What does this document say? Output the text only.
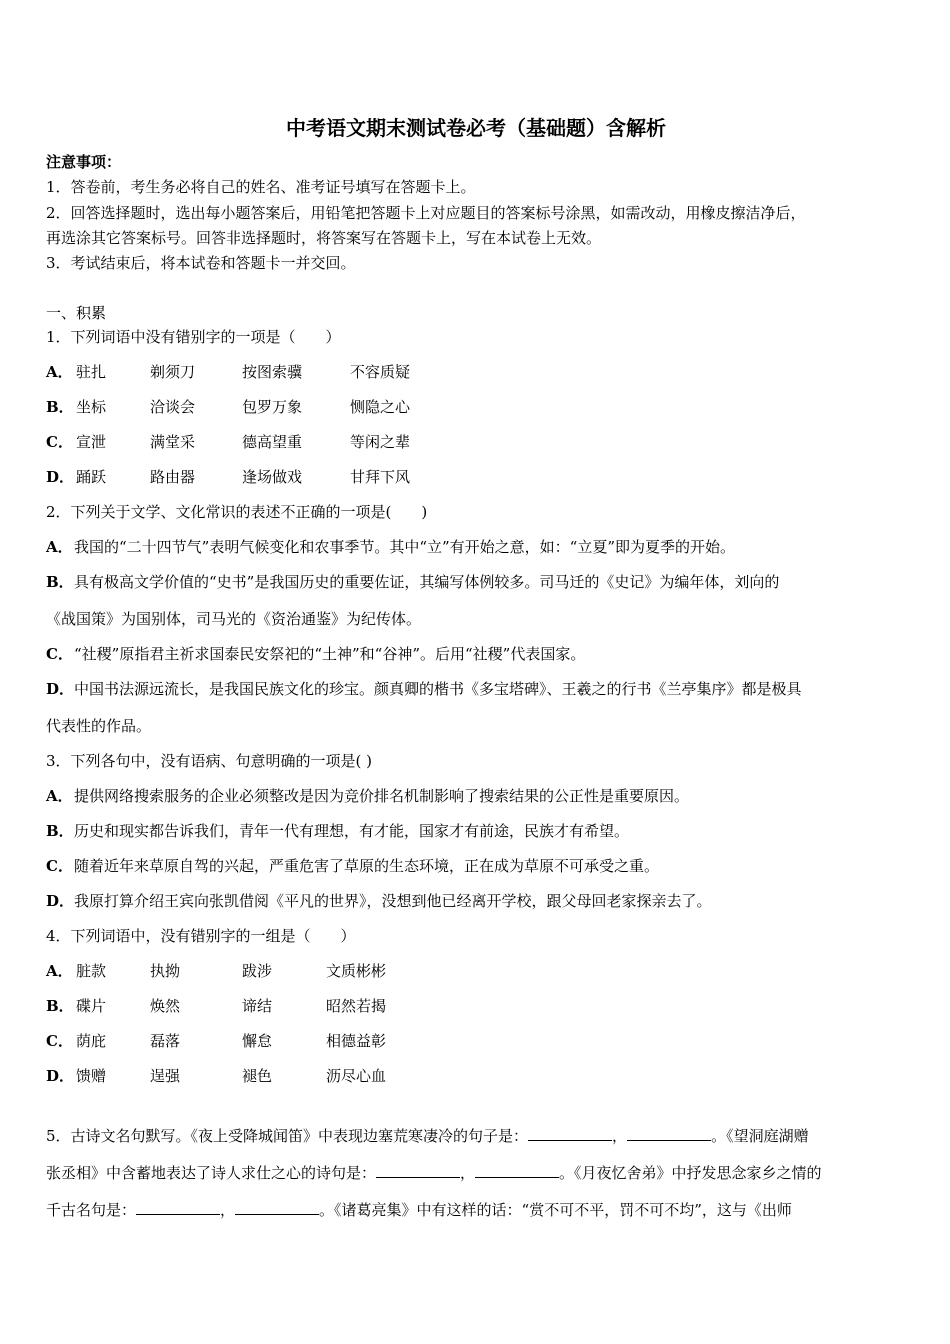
中考语文期末测试卷必考（基础题）含解析
注意事项：
1．答卷前，考生务必将自己的姓名、准考证号填写在答题卡上。
2．回答选择题时，选出每小题答案后，用铅笔把答题卡上对应题目的答案标号涂黑，如需改动，用橡皮擦洁净后，
再选涂其它答案标号。回答非选择题时，将答案写在答题卡上，写在本试卷上无效。
3．考试结束后，将本试卷和答题卡一并交回。
一、积累
1．下列词语中没有错别字的一项是（　　）
A． 驻扎	剃须刀	按图索骥	不容质疑
B． 坐标	洽谈会	包罗万象	恻隐之心
C． 宣泄	满堂采	德高望重	等闲之辈
D． 踊跃	路由器	逢场做戏	甘拜下风
2．下列关于文学、文化常识的表述不正确的一项是(　　)
A．我国的“二十四节气”表明气候变化和农事季节。其中“立”有开始之意，如：“立夏”即为夏季的开始。
B．具有极高文学价值的“史书”是我国历史的重要佐证，其编写体例较多。司马迁的《史记》为编年体，刘向的
《战国策》为国别体，司马光的《资治通鉴》为纪传体。
C．“社稷”原指君主祈求国泰民安祭祀的“土神”和“谷神”。后用“社稷”代表国家。
D．中国书法源远流长，是我国民族文化的珍宝。颜真卿的楷书《多宝塔碑》、王羲之的行书《兰亭集序》都是极具
代表性的作品。
3．下列各句中，没有语病、句意明确的一项是( )
A．提供网络搜索服务的企业必须整改是因为竞价排名机制影响了搜索结果的公正性是重要原因。
B．历史和现实都告诉我们，青年一代有理想，有才能，国家才有前途，民族才有希望。
C．随着近年来草原自驾的兴起，严重危害了草原的生态环境，正在成为草原不可承受之重。
D．我原打算介绍王宾向张凯借阅《平凡的世界》，没想到他已经离开学校，跟父母回老家探亲去了。
4．下列词语中，没有错别字的一组是（　　）
A． 脏款	执拗	跋涉	文质彬彬
B． 碟片	焕然	谛结	昭然若揭
C． 荫庇	磊落	懈怠	相德益彰
D． 馈赠	逞强	褪色	沥尽心血
5．古诗文名句默写。《夜上受降城闻笛》中表现边塞荒寒凄冷的句子是：	，	。《望洞庭湖赠
张丞相》中含蓄地表达了诗人求仕之心的诗句是：	，	。《月夜忆舍弟》中抒发思念家乡之情的
千古名句是：	，	。《诸葛亮集》中有这样的话：“赏不可不平，罚不可不均”，这与《出师
